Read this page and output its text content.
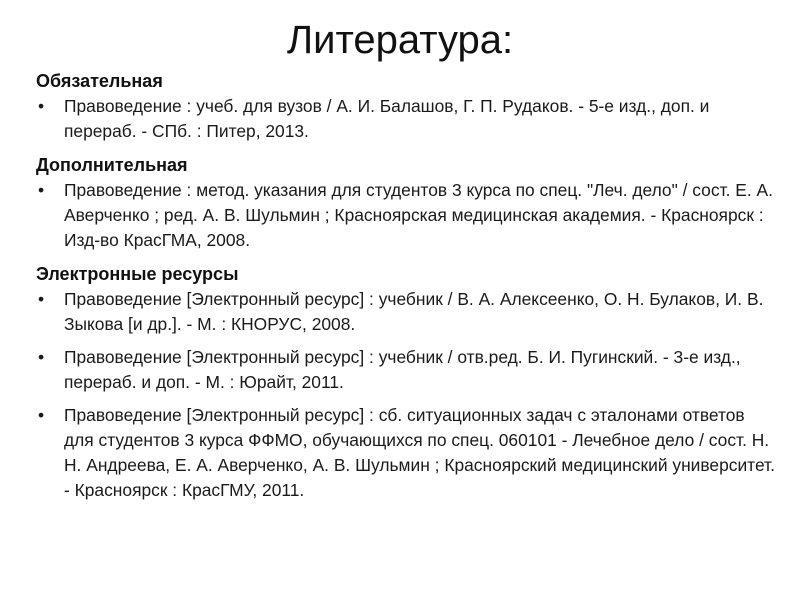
Литература:
Обязательная
• Правоведение : учеб. для вузов / А. И. Балашов, Г. П. Рудаков. - 5-е изд., доп. и перераб. - СПб. : Питер, 2013.
Дополнительная
• Правоведение : метод. указания для студентов 3 курса по спец. "Леч. дело" / сост. Е. А. Аверченко ; ред. А. В. Шульмин ; Красноярская медицинская академия. - Красноярск : Изд-во КрасГМА, 2008.
Электронные ресурсы
• Правоведение [Электронный ресурс] : учебник / В. А. Алексеенко, О. Н. Булаков, И. В. Зыкова [и др.]. - М. : КНОРУС, 2008.
• Правоведение [Электронный ресурс] : учебник / отв.ред. Б. И. Пугинский. - 3-е изд., перераб. и доп. - М. : Юрайт, 2011.
• Правоведение [Электронный ресурс] : сб. ситуационных задач с эталонами ответов для студентов 3 курса ФФМО, обучающихся по спец. 060101 - Лечебное дело / сост. Н. Н. Андреева, Е. А. Аверченко, А. В. Шульмин ; Красноярский медицинский университет. - Красноярск : КрасГМУ, 2011.
